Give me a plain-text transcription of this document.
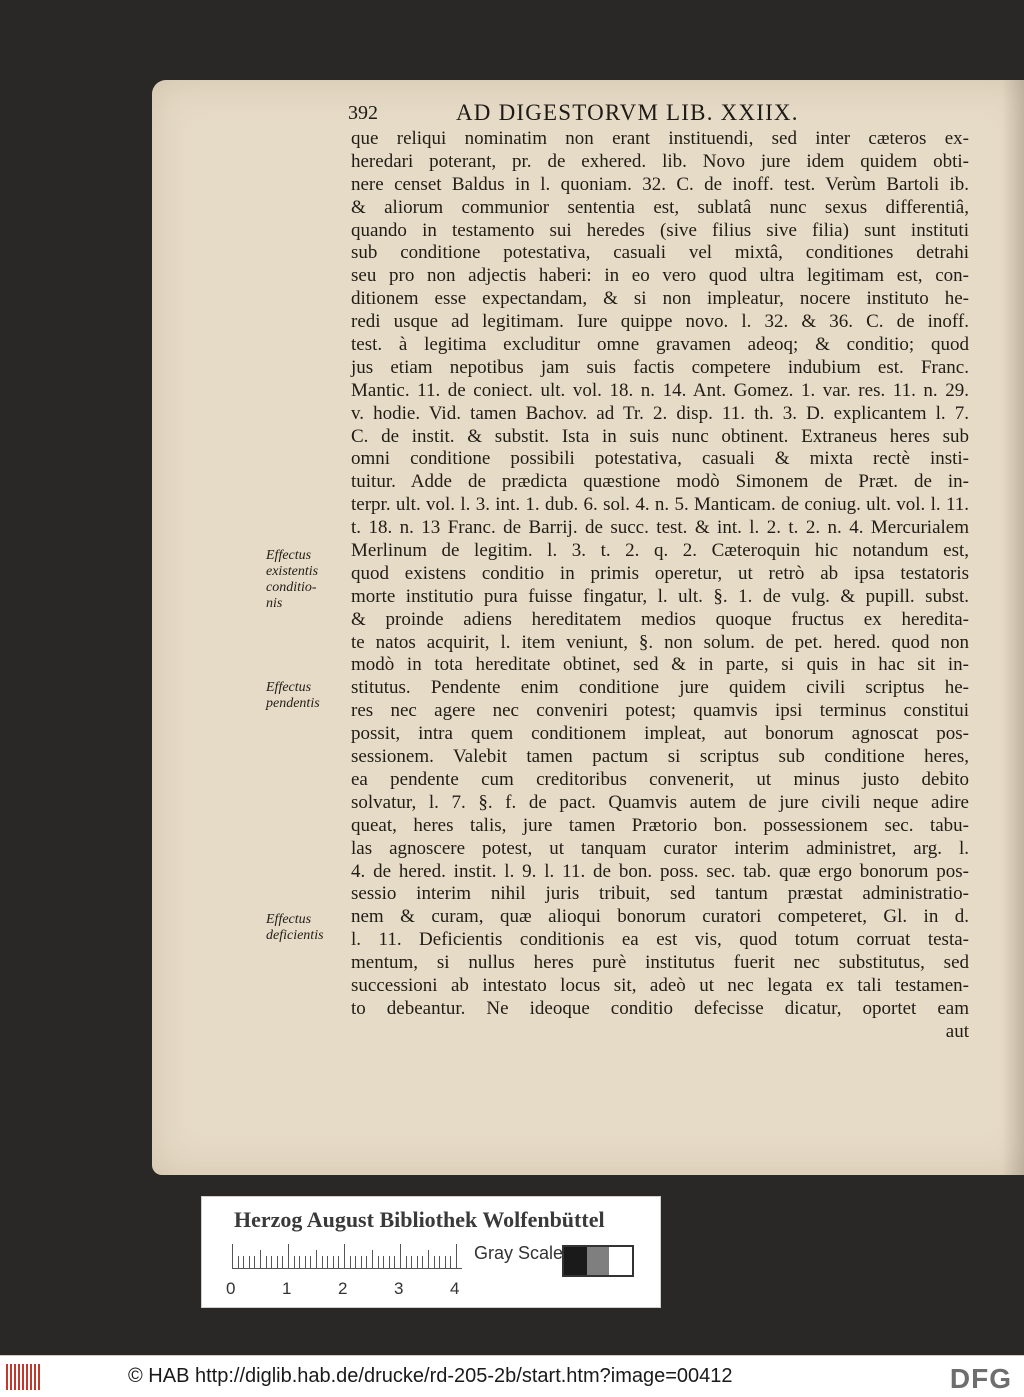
392	AD DIGESTORVM LIB. XXIIX.
que reliqui nominatim non erant instituendi, sed inter cæteros ex-
heredari poterant, pr. de exhered. lib. Novo jure idem quidem obti-
nere censet Baldus in l. quoniam. 32. C. de inoff. test. Verùm Bartoli ib.
& aliorum communior sententia est, sublatâ nunc sexus differentiâ,
quando in testamento sui heredes (sive filius sive filia) sunt instituti
sub conditione potestativa, casuali vel mixtâ, conditiones detrahi
seu pro non adjectis haberi: in eo vero quod ultra legitimam est, con-
ditionem esse expectandam, & si non impleatur, nocere instituto he-
redi usque ad legitimam. Iure quippe novo. l. 32. & 36. C. de inoff.
test. à legitima excluditur omne gravamen adeoq; & conditio; quod
jus etiam nepotibus jam suis factis competere indubium est. Franc.
Mantic. 11. de coniect. ult. vol. 18. n. 14. Ant. Gomez. 1. var. res. 11. n. 29.
v. hodie. Vid. tamen Bachov. ad Tr. 2. disp. 11. th. 3. D. explicantem l. 7.
C. de instit. & substit. Ista in suis nunc obtinent. Extraneus heres sub
omni conditione possibili potestativa, casuali & mixta rectè insti-
tuitur. Adde de prædicta quæstione modò Simonem de Præt. de in-
terpr. ult. vol. l. 3. int. 1. dub. 6. sol. 4. n. 5. Manticam. de coniug. ult. vol. l. 11.
t. 18. n. 13 Franc. de Barrij. de succ. test. & int. l. 2. t. 2. n. 4. Mercurialem
Merlinum de legitim. l. 3. t. 2. q. 2. Cæteroquin hic notandum est,
quod existens conditio in primis operetur, ut retrò ab ipsa testatoris
morte institutio pura fuisse fingatur, l. ult. §. 1. de vulg. & pupill. subst.
& proinde adiens hereditatem medios quoque fructus ex heredita-
te natos acquirit, l. item veniunt, §. non solum. de pet. hered. quod non
modò in tota hereditate obtinet, sed & in parte, si quis in hac sit in-
stitutus. Pendente enim conditione jure quidem civili scriptus he-
res nec agere nec conveniri potest; quamvis ipsi terminus constitui
possit, intra quem conditionem impleat, aut bonorum agnoscat pos-
sessionem. Valebit tamen pactum si scriptus sub conditione heres,
ea pendente cum creditoribus convenerit, ut minus justo debito
solvatur, l. 7. §. f. de pact. Quamvis autem de jure civili neque adire
queat, heres talis, jure tamen Prætorio bon. possessionem sec. tabu-
las agnoscere potest, ut tanquam curator interim administret, arg. l.
4. de hered. instit. l. 9. l. 11. de bon. poss. sec. tab. quæ ergo bonorum pos-
sessio interim nihil juris tribuit, sed tantum præstat administratio-
nem & curam, quæ alioqui bonorum curatori competeret, Gl. in d.
l. 11. Deficientis conditionis ea est vis, quod totum corruat testa-
mentum, si nullus heres purè institutus fuerit nec substitutus, sed
successioni ab intestato locus sit, adeò ut nec legata ex tali testamen-
to debeantur. Ne ideoque conditio defecisse dicatur, oportet eam
aut
Effectus
existentis
conditio-
nis
Effectus
pendentis
Effectus
deficientis
Herzog August Bibliothek Wolfenbüttel
0	1	2	3	4
Gray Scale
© HAB http://diglib.hab.de/drucke/rd-205-2b/start.htm?image=00412	DFG
